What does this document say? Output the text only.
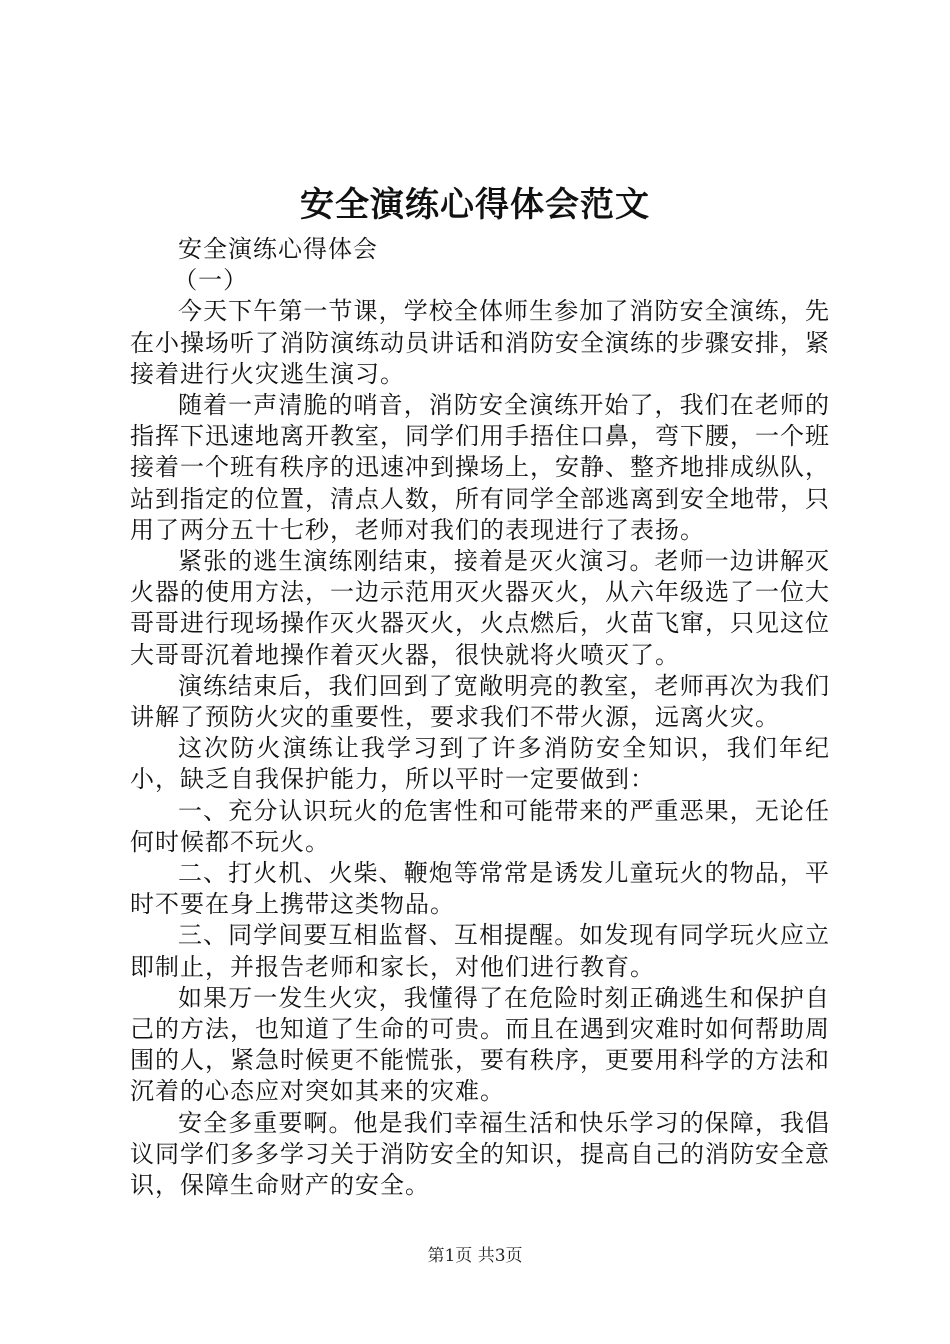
安全演练心得体会范文

安全演练心得体会

（一）

今天下午第一节课，学校全体师生参加了消防安全演练，先在小操场听了消防演练动员讲话和消防安全演练的步骤安排，紧接着进行火灾逃生演习。

随着一声清脆的哨音，消防安全演练开始了，我们在老师的指挥下迅速地离开教室，同学们用手捂住口鼻，弯下腰，一个班接着一个班有秩序的迅速冲到操场上，安静、整齐地排成纵队，站到指定的位置，清点人数，所有同学全部逃离到安全地带，只用了两分五十七秒，老师对我们的表现进行了表扬。

紧张的逃生演练刚结束，接着是灭火演习。老师一边讲解灭火器的使用方法，一边示范用灭火器灭火，从六年级选了一位大哥哥进行现场操作灭火器灭火，火点燃后，火苗飞窜，只见这位大哥哥沉着地操作着灭火器，很快就将火喷灭了。

演练结束后，我们回到了宽敞明亮的教室，老师再次为我们讲解了预防火灾的重要性，要求我们不带火源，远离火灾。

这次防火演练让我学习到了许多消防安全知识，我们年纪小，缺乏自我保护能力，所以平时一定要做到：

一、充分认识玩火的危害性和可能带来的严重恶果，无论任何时候都不玩火。

二、打火机、火柴、鞭炮等常常是诱发儿童玩火的物品，平时不要在身上携带这类物品。

三、同学间要互相监督、互相提醒。如发现有同学玩火应立即制止，并报告老师和家长，对他们进行教育。

如果万一发生火灾，我懂得了在危险时刻正确逃生和保护自己的方法，也知道了生命的可贵。而且在遇到灾难时如何帮助周围的人，紧急时候更不能慌张，要有秩序，更要用科学的方法和沉着的心态应对突如其来的灾难。

安全多重要啊。他是我们幸福生活和快乐学习的保障，我倡议同学们多多学习关于消防安全的知识，提高自己的消防安全意识，保障生命财产的安全。

第1页 共3页
